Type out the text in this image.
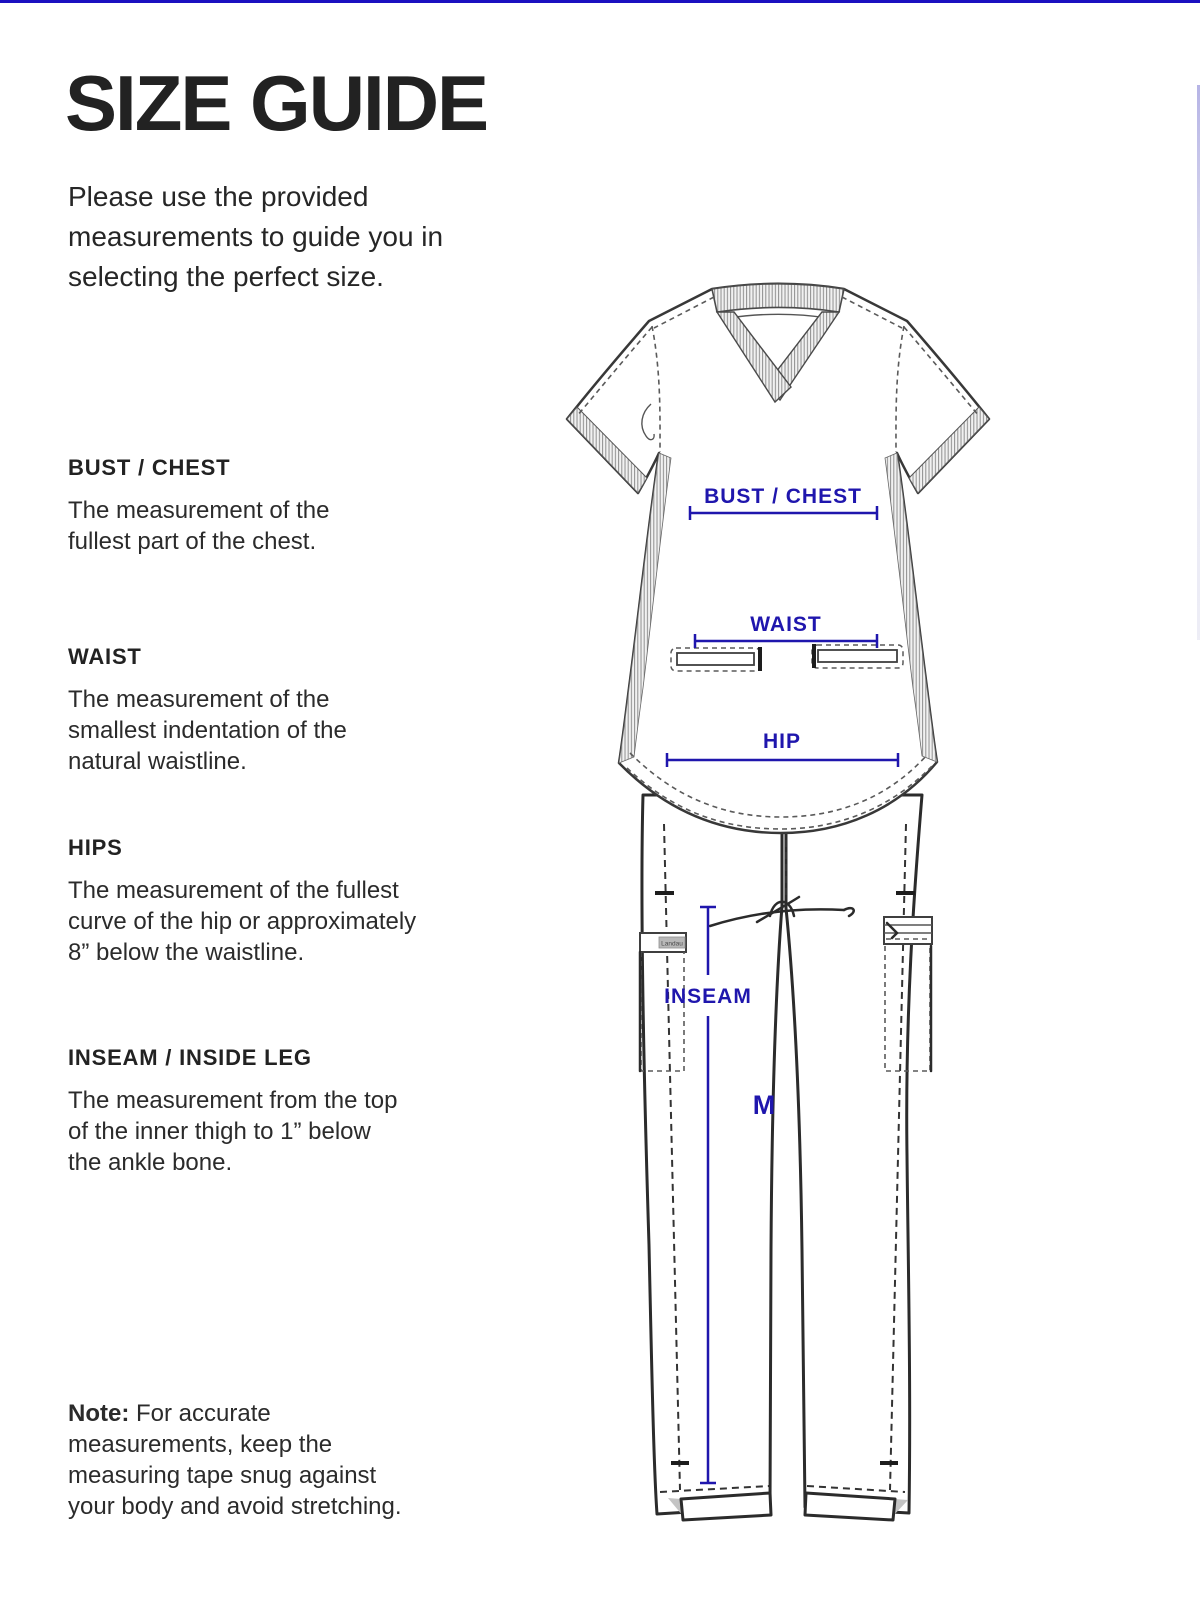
SIZE GUIDE
Please use the provided
measurements to guide you in
selecting the perfect size.
BUST / CHEST
The measurement of the
fullest part of the chest.
WAIST
The measurement of the
smallest indentation of the
natural waistline.
HIPS
The measurement of the fullest
curve of the hip or approximately
8” below the waistline.
INSEAM / INSIDE LEG
The measurement from the top
of the inner thigh to 1” below
the ankle bone.
Note: For accurate
measurements, keep the
measuring tape snug against
your body and avoid stretching.
Landau
BUST / CHEST
WAIST
HIP
INSEAM
M
